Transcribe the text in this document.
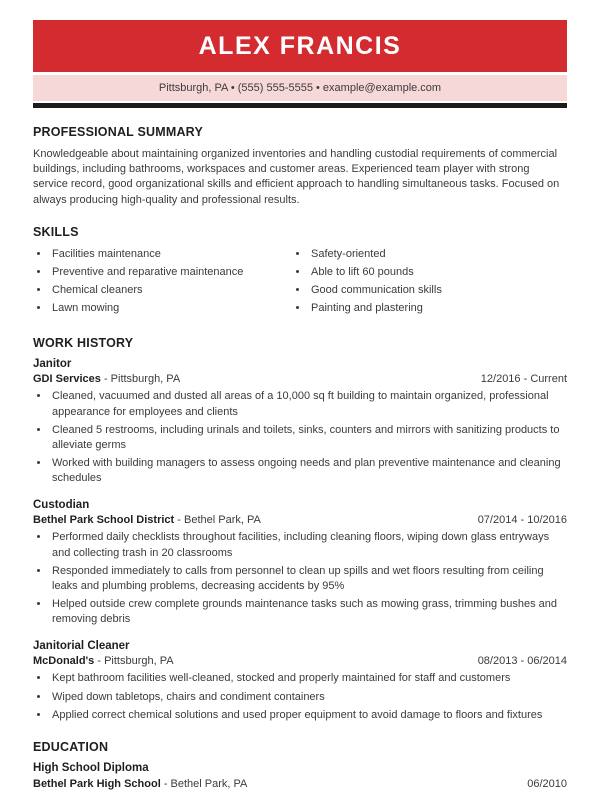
ALEX FRANCIS
Pittsburgh, PA • (555) 555-5555 • example@example.com
PROFESSIONAL SUMMARY
Knowledgeable about maintaining organized inventories and handling custodial requirements of commercial buildings, including bathrooms, workspaces and customer areas. Experienced team player with strong service record, good organizational skills and efficient approach to handling simultaneous tasks. Focused on always producing high-quality and professional results.
SKILLS
• Facilities maintenance
• Preventive and reparative maintenance
• Chemical cleaners
• Lawn mowing
• Safety-oriented
• Able to lift 60 pounds
• Good communication skills
• Painting and plastering
WORK HISTORY
Janitor
GDI Services - Pittsburgh, PA	12/2016 - Current
• Cleaned, vacuumed and dusted all areas of a 10,000 sq ft building to maintain organized, professional appearance for employees and clients
• Cleaned 5 restrooms, including urinals and toilets, sinks, counters and mirrors with sanitizing products to alleviate germs
• Worked with building managers to assess ongoing needs and plan preventive maintenance and cleaning schedules
Custodian
Bethel Park School District - Bethel Park, PA	07/2014 - 10/2016
• Performed daily checklists throughout facilities, including cleaning floors, wiping down glass entryways and collecting trash in 20 classrooms
• Responded immediately to calls from personnel to clean up spills and wet floors resulting from ceiling leaks and plumbing problems, decreasing accidents by 95%
• Helped outside crew complete grounds maintenance tasks such as mowing grass, trimming bushes and removing debris
Janitorial Cleaner
McDonald's - Pittsburgh, PA	08/2013 - 06/2014
• Kept bathroom facilities well-cleaned, stocked and properly maintained for staff and customers
• Wiped down tabletops, chairs and condiment containers
• Applied correct chemical solutions and used proper equipment to avoid damage to floors and fixtures
EDUCATION
High School Diploma
Bethel Park High School - Bethel Park, PA	06/2010
